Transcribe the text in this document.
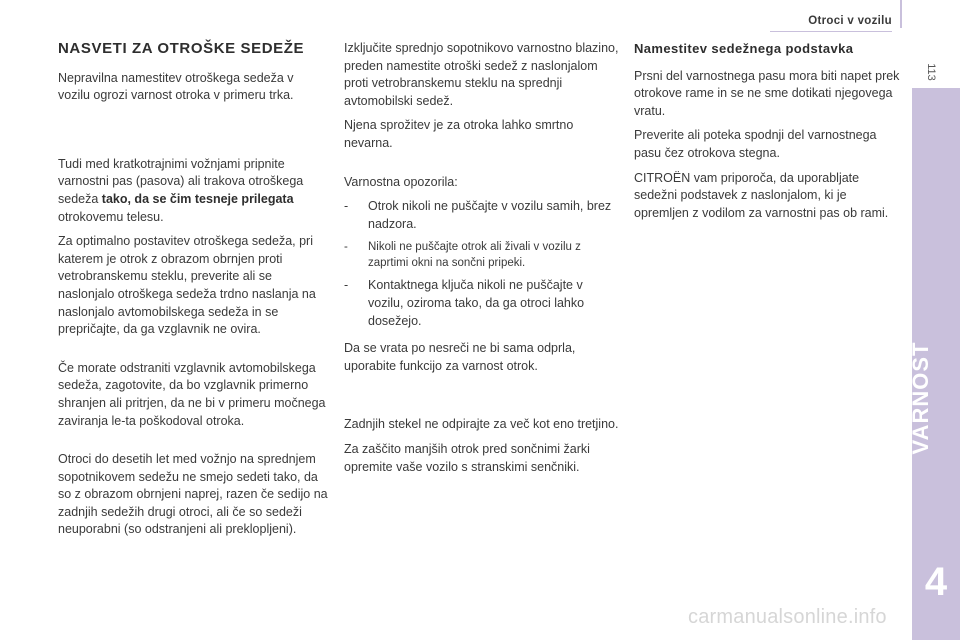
Otroci v vozilu
113
VARNOST
4
NASVETI ZA OTROŠKE SEDEŽE

Nepravilna namestitev otroškega sedeža v vozilu ogrozi varnost otroka v primeru trka.

Tudi med kratkotrajnimi vožnjami pripnite varnostni pas (pasova) ali trakova otroškega sedeža tako, da se čim tesneje prilegata otrokovemu telesu.

Za optimalno postavitev otroškega sedeža, pri katerem je otrok z obrazom obrnjen proti vetrobranskemu steklu, preverite ali se naslonjalo otroškega sedeža trdno naslanja na naslonjalo avtomobilskega sedeža in se prepričajte, da ga vzglavnik ne ovira.

Če morate odstraniti vzglavnik avtomobilskega sedeža, zagotovite, da bo vzglavnik primerno shranjen ali pritrjen, da ne bi v primeru močnega zaviranja le-ta poškodoval otroka.

Otroci do desetih let med vožnjo na sprednjem sopotnikovem sedežu ne smejo sedeti tako, da so z obrazom obrnjeni naprej, razen če sedijo na zadnjih sedežih drugi otroci, ali če so sedeži neuporabni (so odstranjeni ali preklopljeni).

Izključite sprednjo sopotnikovo varnostno blazino, preden namestite otroški sedež z naslonjalom proti vetrobranskemu steklu na sprednji avtomobilski sedež.

Njena sprožitev je za otroka lahko smrtno nevarna.

Varnostna opozorila:

- Otrok nikoli ne puščajte v vozilu samih, brez nadzora.
- Nikoli ne puščajte otrok ali živali v vozilu z zaprtimi okni na sončni pripeki.
- Kontaktnega ključa nikoli ne puščajte v vozilu, oziroma tako, da ga otroci lahko dosežejo.

Da se vrata po nesreči ne bi sama odprla, uporabite funkcijo za varnost otrok.

Zadnjih stekel ne odpirajte za več kot eno tretjino.

Za zaščito manjših otrok pred sončnimi žarki opremite vaše vozilo s stranskimi senčniki.

Namestitev sedežnega podstavka

Prsni del varnostnega pasu mora biti napet prek otrokove rame in se ne sme dotikati njegovega vratu.

Preverite ali poteka spodnji del varnostnega pasu čez otrokova stegna.

CITROËN vam priporoča, da uporabljate sedežni podstavek z naslonjalom, ki je opremljen z vodilom za varnostni pas ob rami.

carmanualsonline.info
